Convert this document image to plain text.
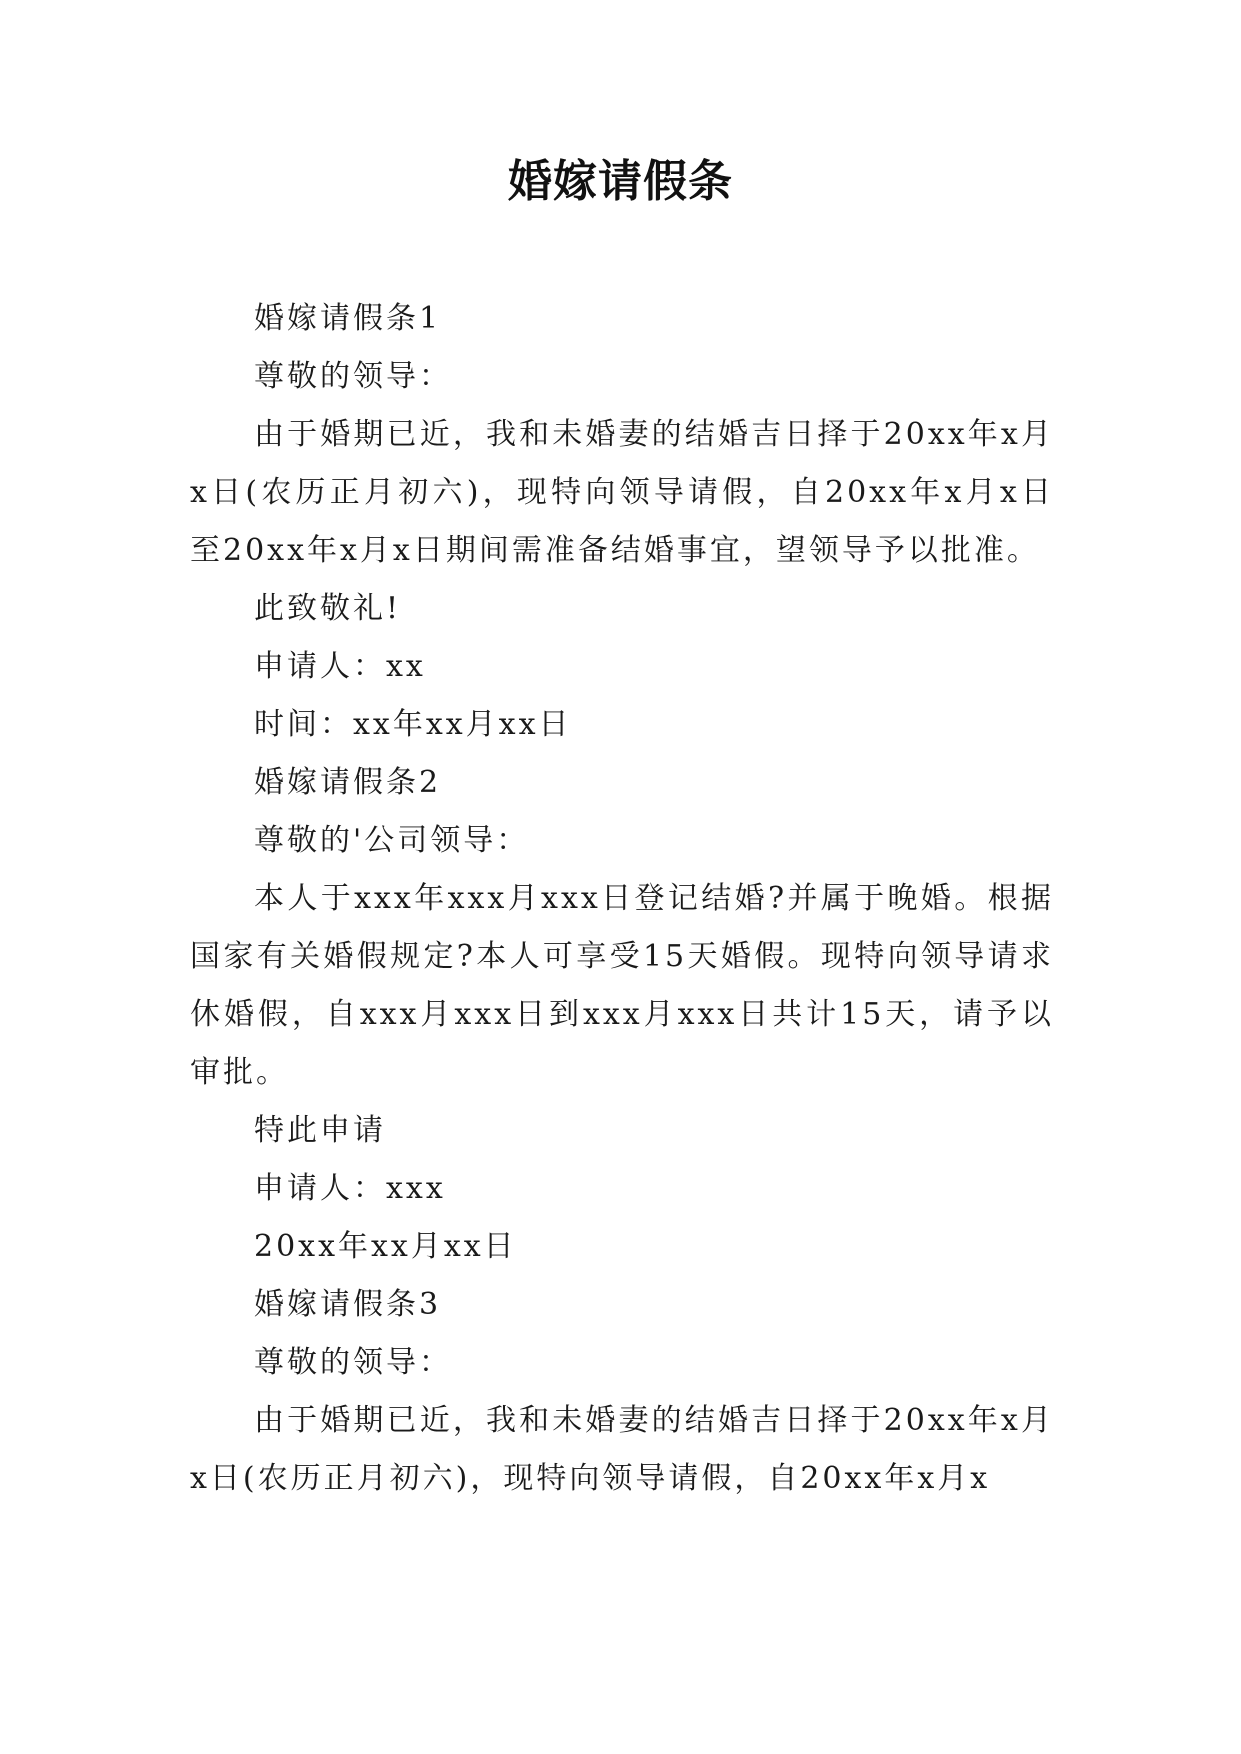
婚嫁请假条

婚嫁请假条1

尊敬的领导：

由于婚期已近，我和未婚妻的结婚吉日择于20xx年x月x日(农历正月初六)，现特向领导请假，自20xx年x月x日至20xx年x月x日期间需准备结婚事宜，望领导予以批准。

此致敬礼!

申请人：xx

时间：xx年xx月xx日

婚嫁请假条2

尊敬的'公司领导：

本人于xxx年xxx月xxx日登记结婚?并属于晚婚。根据国家有关婚假规定?本人可享受15天婚假。现特向领导请求休婚假，自xxx月xxx日到xxx月xxx日共计15天，请予以审批。

特此申请

申请人：xxx

20xx年xx月xx日

婚嫁请假条3

尊敬的领导：

由于婚期已近，我和未婚妻的结婚吉日择于20xx年x月x日(农历正月初六)，现特向领导请假，自20xx年x月x
